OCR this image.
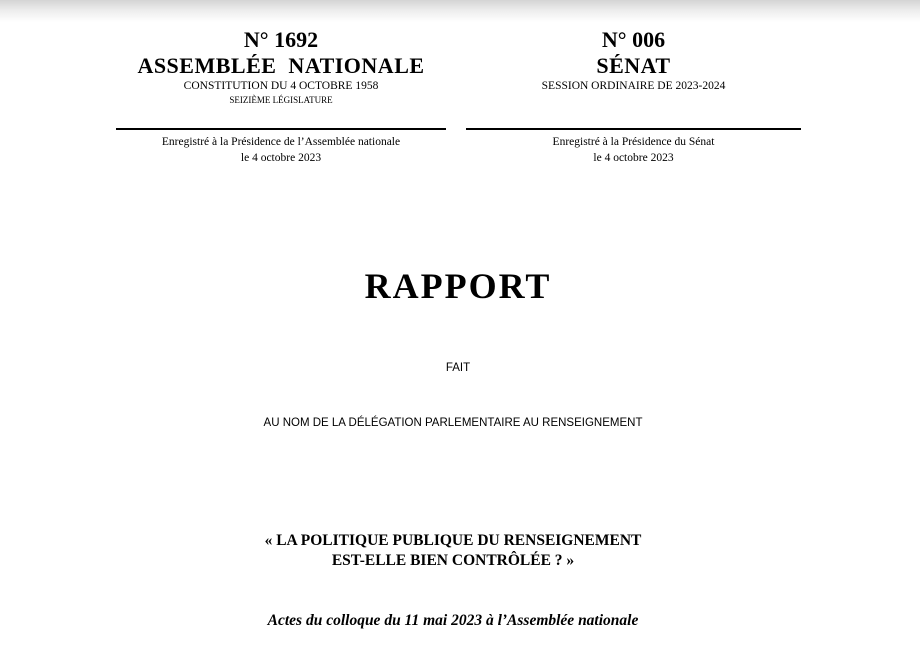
N° 1692
ASSEMBLÉE  NATIONALE
CONSTITUTION DU 4 OCTOBRE 1958
SEIZIÈME LÉGISLATURE
N° 006
SÉNAT
SESSION ORDINAIRE DE 2023-2024
Enregistré à la Présidence de l’Assemblée nationale
le 4 octobre 2023
Enregistré à la Présidence du Sénat
le 4 octobre 2023
RAPPORT
FAIT
AU NOM DE LA DÉLÉGATION PARLEMENTAIRE AU RENSEIGNEMENT
« LA POLITIQUE PUBLIQUE DU RENSEIGNEMENT
EST-ELLE BIEN CONTRÔLÉE ? »
Actes du colloque du 11 mai 2023 à l’Assemblée nationale
